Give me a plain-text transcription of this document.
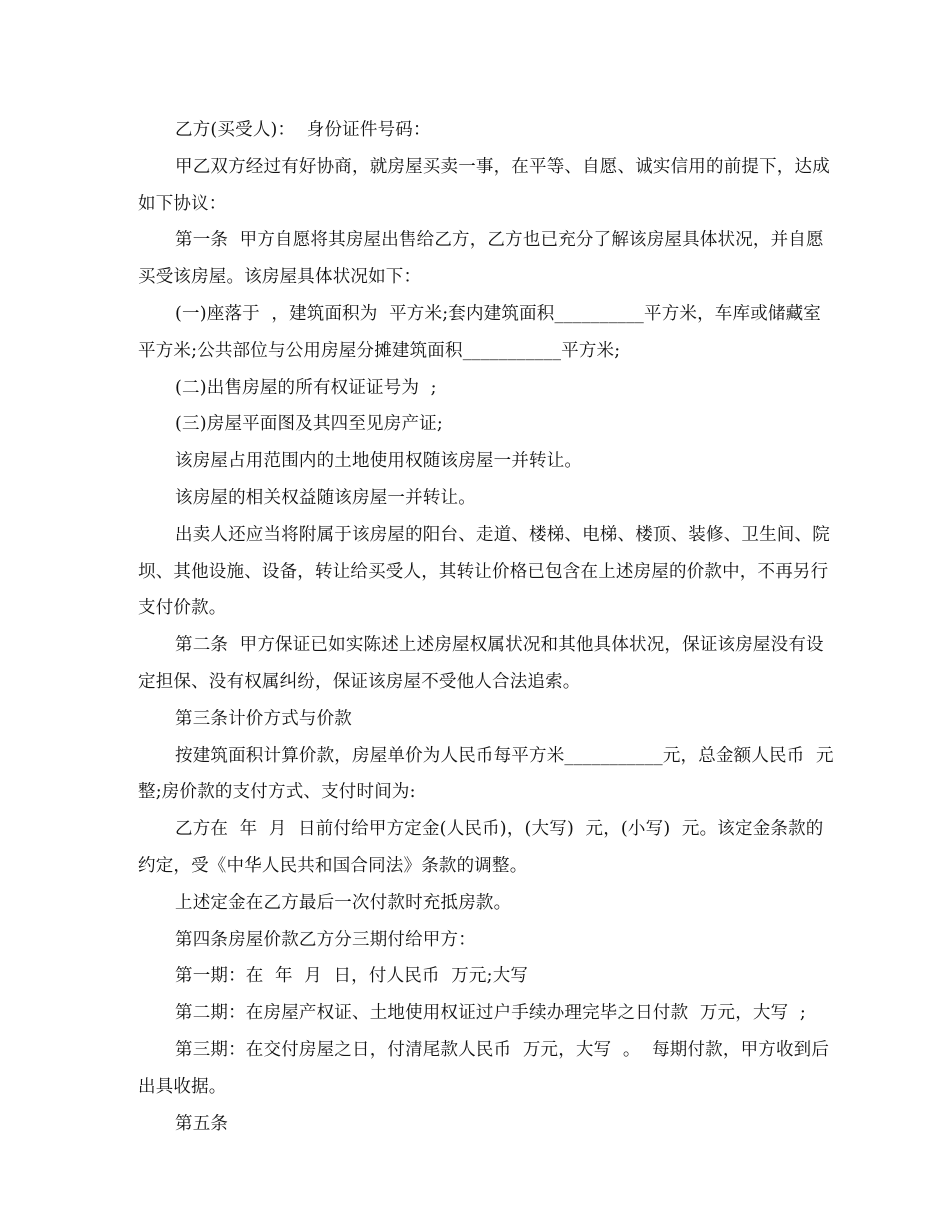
乙方(买受人)：  身份证件号码：

甲乙双方经过有好协商，就房屋买卖一事，在平等、自愿、诚实信用的前提下，达成如下协议：

第一条  甲方自愿将其房屋出售给乙方，乙方也已充分了解该房屋具体状况，并自愿买受该房屋。该房屋具体状况如下：

(一)座落于  ，建筑面积为  平方米;套内建筑面积__________平方米，车库或储藏室  平方米;公共部位与公用房屋分摊建筑面积___________平方米;

(二)出售房屋的所有权证证号为  ;

(三)房屋平面图及其四至见房产证;

该房屋占用范围内的土地使用权随该房屋一并转让。

该房屋的相关权益随该房屋一并转让。

出卖人还应当将附属于该房屋的阳台、走道、楼梯、电梯、楼顶、装修、卫生间、院坝、其他设施、设备，转让给买受人，其转让价格已包含在上述房屋的价款中，不再另行支付价款。

第二条  甲方保证已如实陈述上述房屋权属状况和其他具体状况，保证该房屋没有设定担保、没有权属纠纷，保证该房屋不受他人合法追索。

第三条计价方式与价款

按建筑面积计算价款，房屋单价为人民币每平方米___________元，总金额人民币  元整;房价款的支付方式、支付时间为:

乙方在  年  月  日前付给甲方定金(人民币)，(大写)  元，(小写)  元。该定金条款的约定，受《中华人民共和国合同法》条款的调整。

上述定金在乙方最后一次付款时充抵房款。

第四条房屋价款乙方分三期付给甲方：

第一期：在  年  月  日，付人民币  万元;大写

第二期：在房屋产权证、土地使用权证过户手续办理完毕之日付款  万元，大写  ;

第三期：在交付房屋之日，付清尾款人民币  万元，大写  。  每期付款，甲方收到后出具收据。

第五条
